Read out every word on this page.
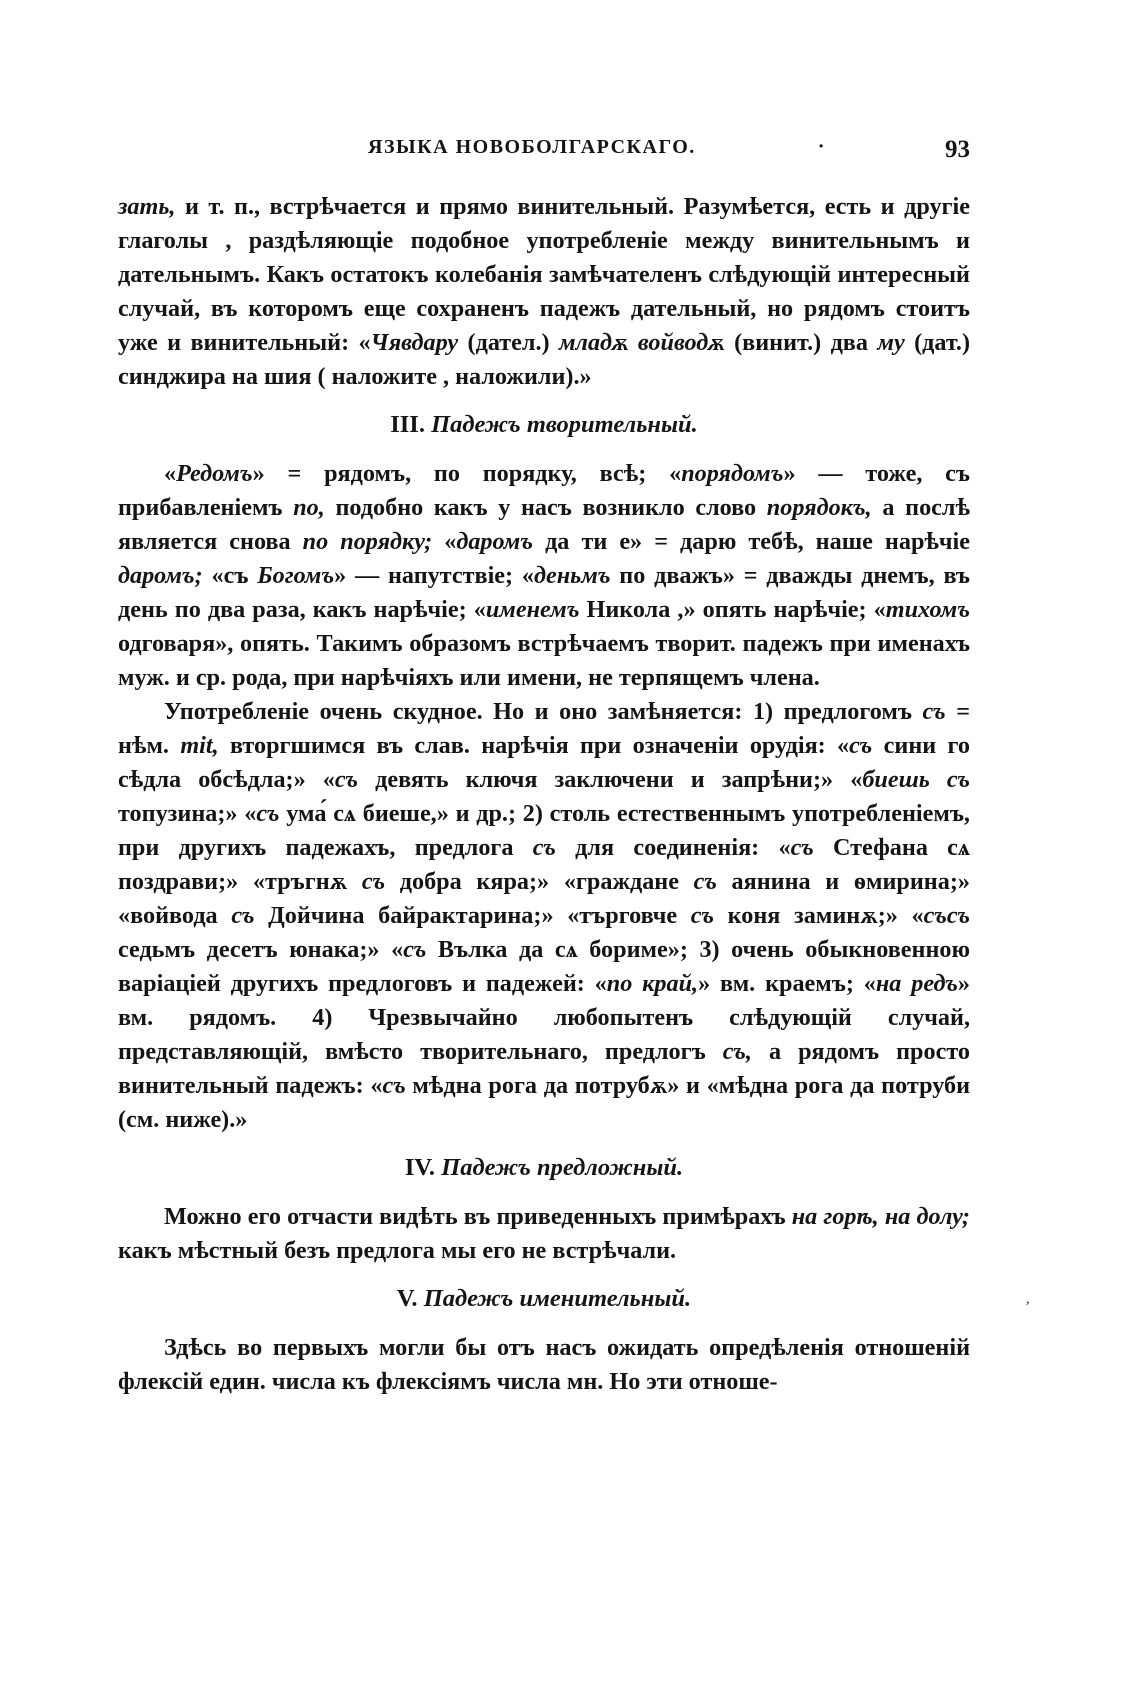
ЯЗЫКА НОВОБОЛГАРСКАГО.	·	93

зать, и т. п., встрѣчается и прямо винительный. Разумѣется, есть и другіе глаголы , раздѣляющіе подобное употребленіе между винительнымъ и дательнымъ. Какъ остатокъ колебанія замѣчателенъ слѣдующій интересный случай, въ которомъ еще сохраненъ падежъ дательный, но рядомъ стоитъ уже и винительный: «Чявдару (дател.) младѫ войводѫ (винит.) два му (дат.) синджира на шия ( наложите , наложили).»

III. Падежъ творительный.

«Редомъ» = рядомъ, по порядку, всѣ; «порядомъ» — тоже, съ прибавленіемъ по, подобно какъ у насъ возникло слово порядокъ, а послѣ является снова по порядку; «даромъ да ти е» = дарю тебѣ, наше нарѣчіе даромъ; «съ Богомъ» — напутствіе; «деньмъ по дважъ» = дважды днемъ, въ день по два раза, какъ нарѣчіе; «именемъ Никола ,» опять нарѣчіе; «тихомъ одговаря», опять. Такимъ образомъ встрѣчаемъ творит. падежъ при именахъ муж. и ср. рода, при нарѣчіяхъ или имени, не терпящемъ члена.

Употребленіе очень скудное. Но и оно замѣняется: 1) предлогомъ съ = нѣм. mit, вторгшимся въ слав. нарѣчія при означеніи орудія: «съ сини го сѣдла обсѣдла;» «съ девять ключя заключени и запрѣни;» «биешь съ топузина;» «съ ума́ сѧ биеше,» и др.; 2) столь естественнымъ употребленіемъ, при другихъ падежахъ, предлога съ для соединенія: «съ Стефана сѧ поздрави;» «тръгнѫ съ добра кяра;» «граждане съ аянина и ѳмирина;» «войвода съ Дойчина байрактарина;» «търговче съ коня заминѫ;» «съсъ седьмъ десетъ юнака;» «съ Вълка да сѧ бориме»; 3) очень обыкновенною варіаціей другихъ предлоговъ и падежей: «по край,» вм. краемъ; «на редъ» вм. рядомъ. 4) Чрезвычайно любопытенъ слѣдующій случай, представляющій, вмѣсто творительнаго, предлогъ съ, а рядомъ просто винительный падежъ: «съ мѣдна рога да потрубѫ» и «мѣдна рога да потруби (см. ниже).»

IV. Падежъ предложный.

Можно его отчасти видѣть въ приведенныхъ примѣрахъ на горѣ, на долу; какъ мѣстный безъ предлога мы его не встрѣчали.

V. Падежъ именительный.

Здѣсь во первыхъ могли бы отъ насъ ожидать опредѣленія отношеній флексій един. числа къ флексіямъ числа мн. Но эти отноше-

,
